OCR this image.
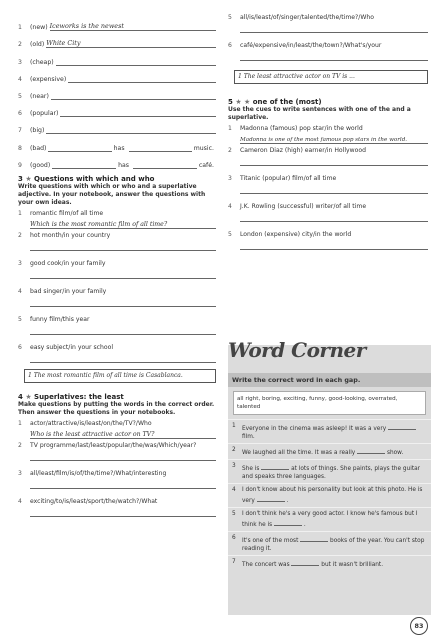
1	(new) Iceworks is the newest
2	(old) White City
3	(cheap)
4	(expensive)
5	(near)
6	(popular)
7	(big)
8	(bad)	has	music.
9	(good)	has	café.
3 ★ Questions with which and who
Write questions with which or who and a superlative adjective. In your notebook, answer the questions with your own ideas.
1	romantic film/of all time
Which is the most romantic film of all time?
2	hot month/in your country
3	good cook/in your family
4	bad singer/in your family
5	funny film/this year
6	easy subject/in your school
1 The most romantic film of all time is Casablanca.
4 ★ Superlatives: the least
Make questions by putting the words in the correct order. Then answer the questions in your notebooks.
1	actor/attractive/is/least/on/the/TV?/Who
Who is the least attractive actor on TV?
2	TV programme/last/least/popular/the/was/Which/year?
3	all/least/film/is/of/the/time?/What/interesting
4	exciting/to/is/least/sport/the/watch?/What
5	all/is/least/of/singer/talented/the/time?/Who
6	café/expensive/in/least/the/town?/What's/your
1 The least attractive actor on TV is ...
5 ★ ★ one of the (most)
Use the cues to write sentences with one of the and a superlative.
1	Madonna (famous) pop star/in the world
Madonna is one of the most famous pop stars in the world.
2	Cameron Diaz (high) earner/in Hollywood
3	Titanic (popular) film/of all time
4	J.K. Rowling (successful) writer/of all time
5	London (expensive) city/in the world
Write the correct word in each gap.
all right, boring, exciting, funny, good-looking, overrated, talented
1	Everyone in the cinema was asleep! It was a very  film.
2	We laughed all the time. It was a really	show.
3	She is	at lots of things. She paints, plays the guitar and speaks three languages.
4	I don't know about his personality but look at this photo. He is very	.
5	I don't think he's a very good actor. I know he's famous but I think he is	.
6	It's one of the most	books of the year. You can't stop reading it.
7	The concert was	but it wasn't brilliant.
Word Corner
83
